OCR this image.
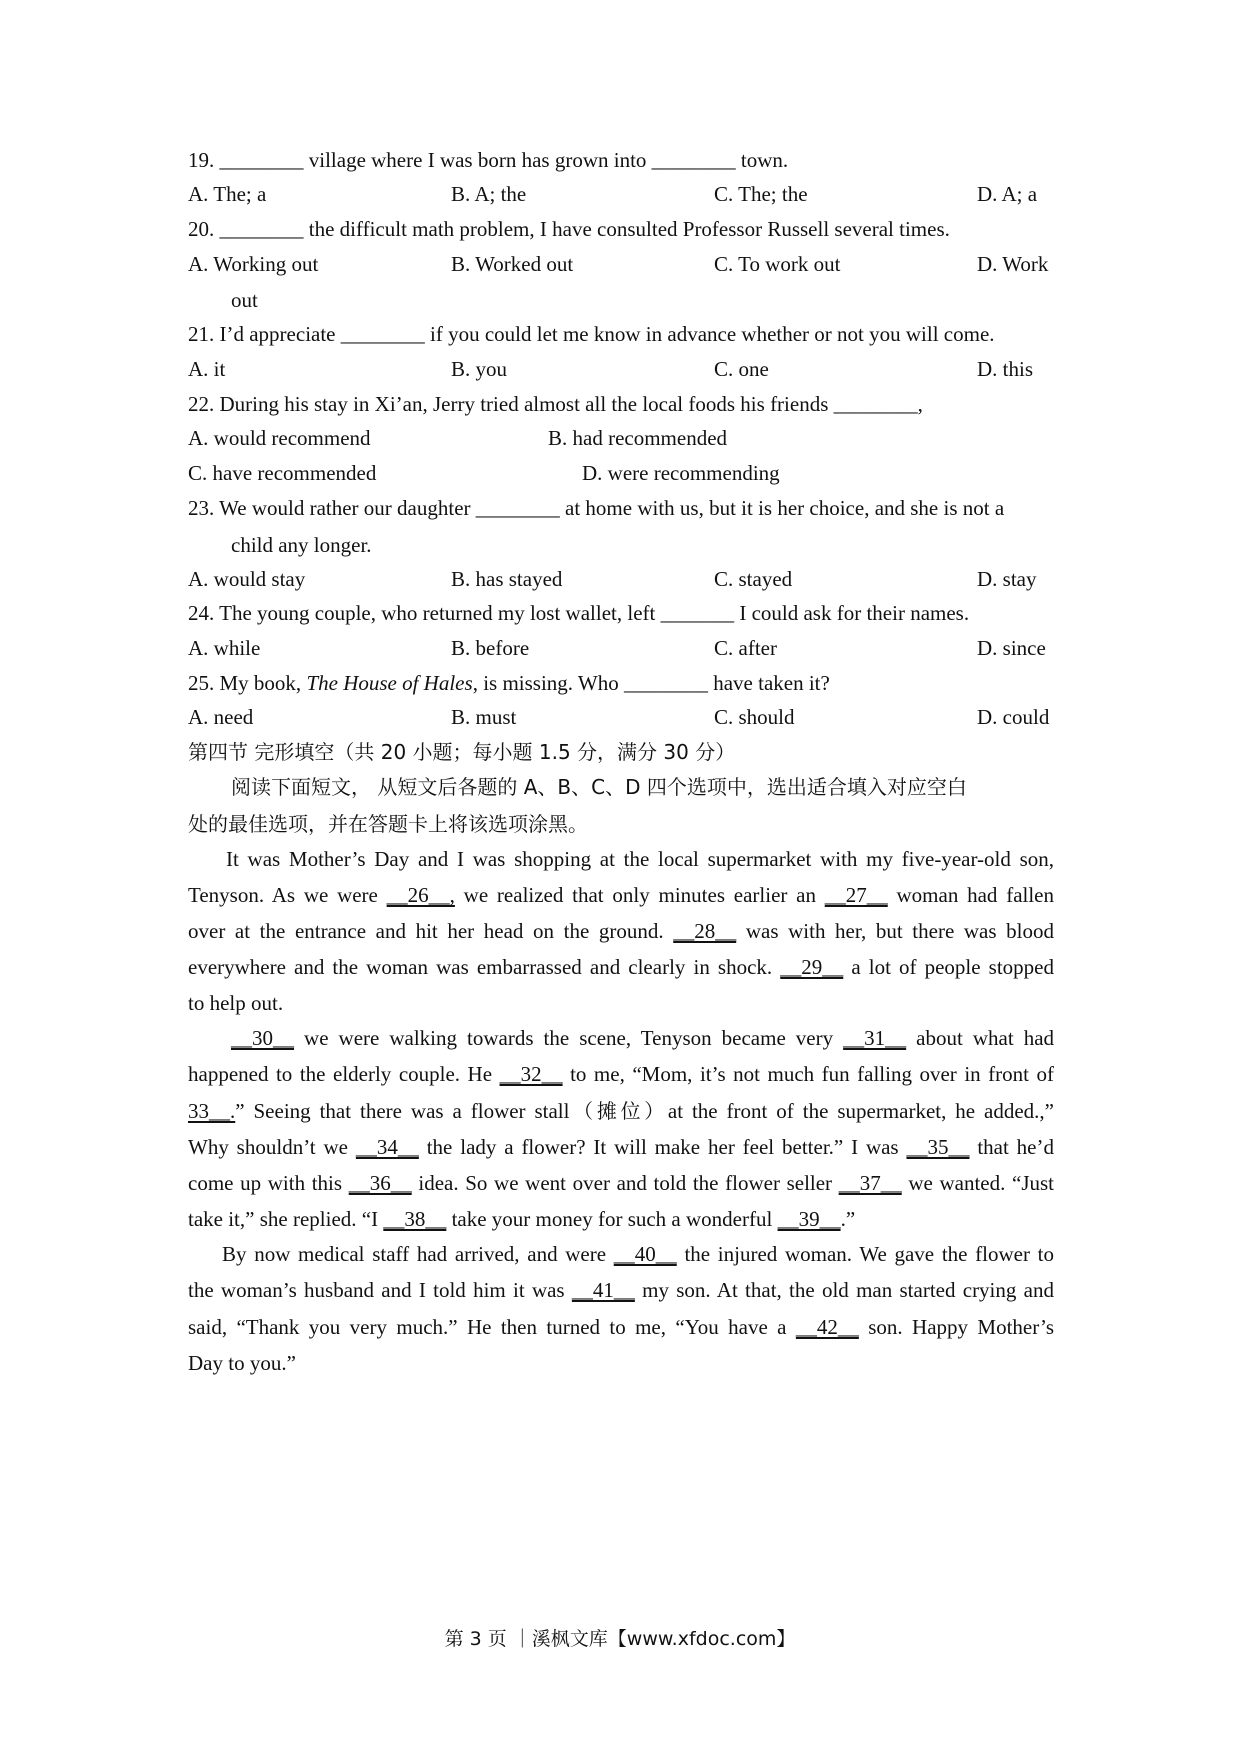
19. ________ village where I was born has grown into ________ town.
A. The; a	B. A; the	C. The; the	D. A; a
20. ________ the difficult math problem, I have consulted Professor Russell several times.
A. Working out	B. Worked out	C. To work out	D. Work
out
21. I’d appreciate ________ if you could let me know in advance whether or not you will come.
A. it	B. you	C. one	D. this
22. During his stay in Xi’an, Jerry tried almost all the local foods his friends ________,
A. would recommend	B. had recommended
C. have recommended	D. were recommending
23. We would rather our daughter ________ at home with us, but it is her choice, and she is not a
child any longer.
A. would stay	B. has stayed	C. stayed	D. stay
24. The young couple, who returned my lost wallet, left _______ I could ask for their names.
A. while	B. before	C. after	D. since
25. My book, The House of Hales, is missing. Who ________ have taken it?
A. need	B. must	C. should	D. could
第四节 完形填空（共 20 小题；每小题 1.5 分，满分 30 分）
阅读下面短文， 从短文后各题的 A、B、C、D 四个选项中，选出适合填入对应空白
处的最佳选项，并在答题卡上将该选项涂黑。
It was Mother’s Day and I was shopping at the local supermarket with my five-year-old son,
Tenyson. As we were __26__, we realized that only minutes earlier an __27__ woman had fallen
over at the entrance and hit her head on the ground. __28__ was with her, but there was blood
everywhere and the woman was embarrassed and clearly in shock. __29__ a lot of people stopped
to help out.
__30__ we were walking towards the scene, Tenyson became very __31__ about what had
happened to the elderly couple. He __32__ to me, “Mom, it’s not much fun falling over in front of
33__.” Seeing that there was a flower stall（摊位）at the front of the supermarket, he added.,”
Why shouldn’t we __34__ the lady a flower? It will make her feel better.” I was __35__ that he’d
come up with this __36__ idea. So we went over and told the flower seller __37__ we wanted. “Just
take it,” she replied. “I __38__ take your money for such a wonderful __39__.”
By now medical staff had arrived, and were __40__ the injured woman. We gave the flower to
the woman’s husband and I told him it was __41__ my son. At that, the old man started crying and
said, “Thank you very much.” He then turned to me, “You have a __42__ son. Happy Mother’s
Day to you.”
第 3 页 ｜溪枫文库【www.xfdoc.com】
